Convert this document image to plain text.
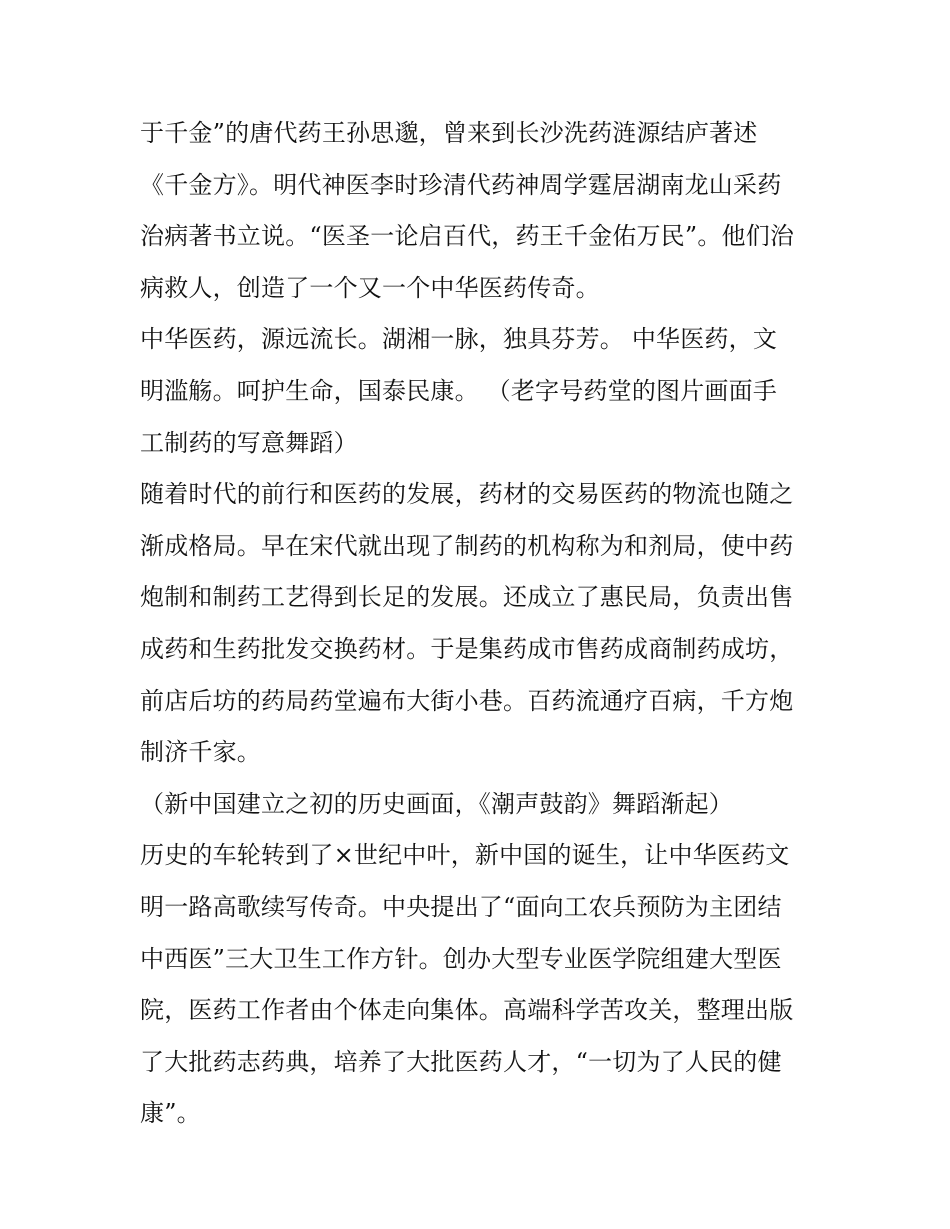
于千金”的唐代药王孙思邈，曾来到长沙洗药涟源结庐著述
《千金方》。明代神医李时珍清代药神周学霆居湖南龙山采药
治病著书立说。“医圣一论启百代，药王千金佑万民”。他们治
病救人，创造了一个又一个中华医药传奇。
中华医药，源远流长。湖湘一脉，独具芬芳。 中华医药，文
明滥觞。呵护生命，国泰民康。 （老字号药堂的图片画面手
工制药的写意舞蹈）
随着时代的前行和医药的发展，药材的交易医药的物流也随之
渐成格局。早在宋代就出现了制药的机构称为和剂局，使中药
炮制和制药工艺得到长足的发展。还成立了惠民局，负责出售
成药和生药批发交换药材。于是集药成市售药成商制药成坊，
前店后坊的药局药堂遍布大街小巷。百药流通疗百病，千方炮
制济千家。
（新中国建立之初的历史画面，《潮声鼓韵》舞蹈渐起）
历史的车轮转到了×世纪中叶，新中国的诞生，让中华医药文
明一路高歌续写传奇。中央提出了“面向工农兵预防为主团结
中西医”三大卫生工作方针。创办大型专业医学院组建大型医
院，医药工作者由个体走向集体。高端科学苦攻关，整理出版
了大批药志药典，培养了大批医药人才，“一切为了人民的健
康”。
